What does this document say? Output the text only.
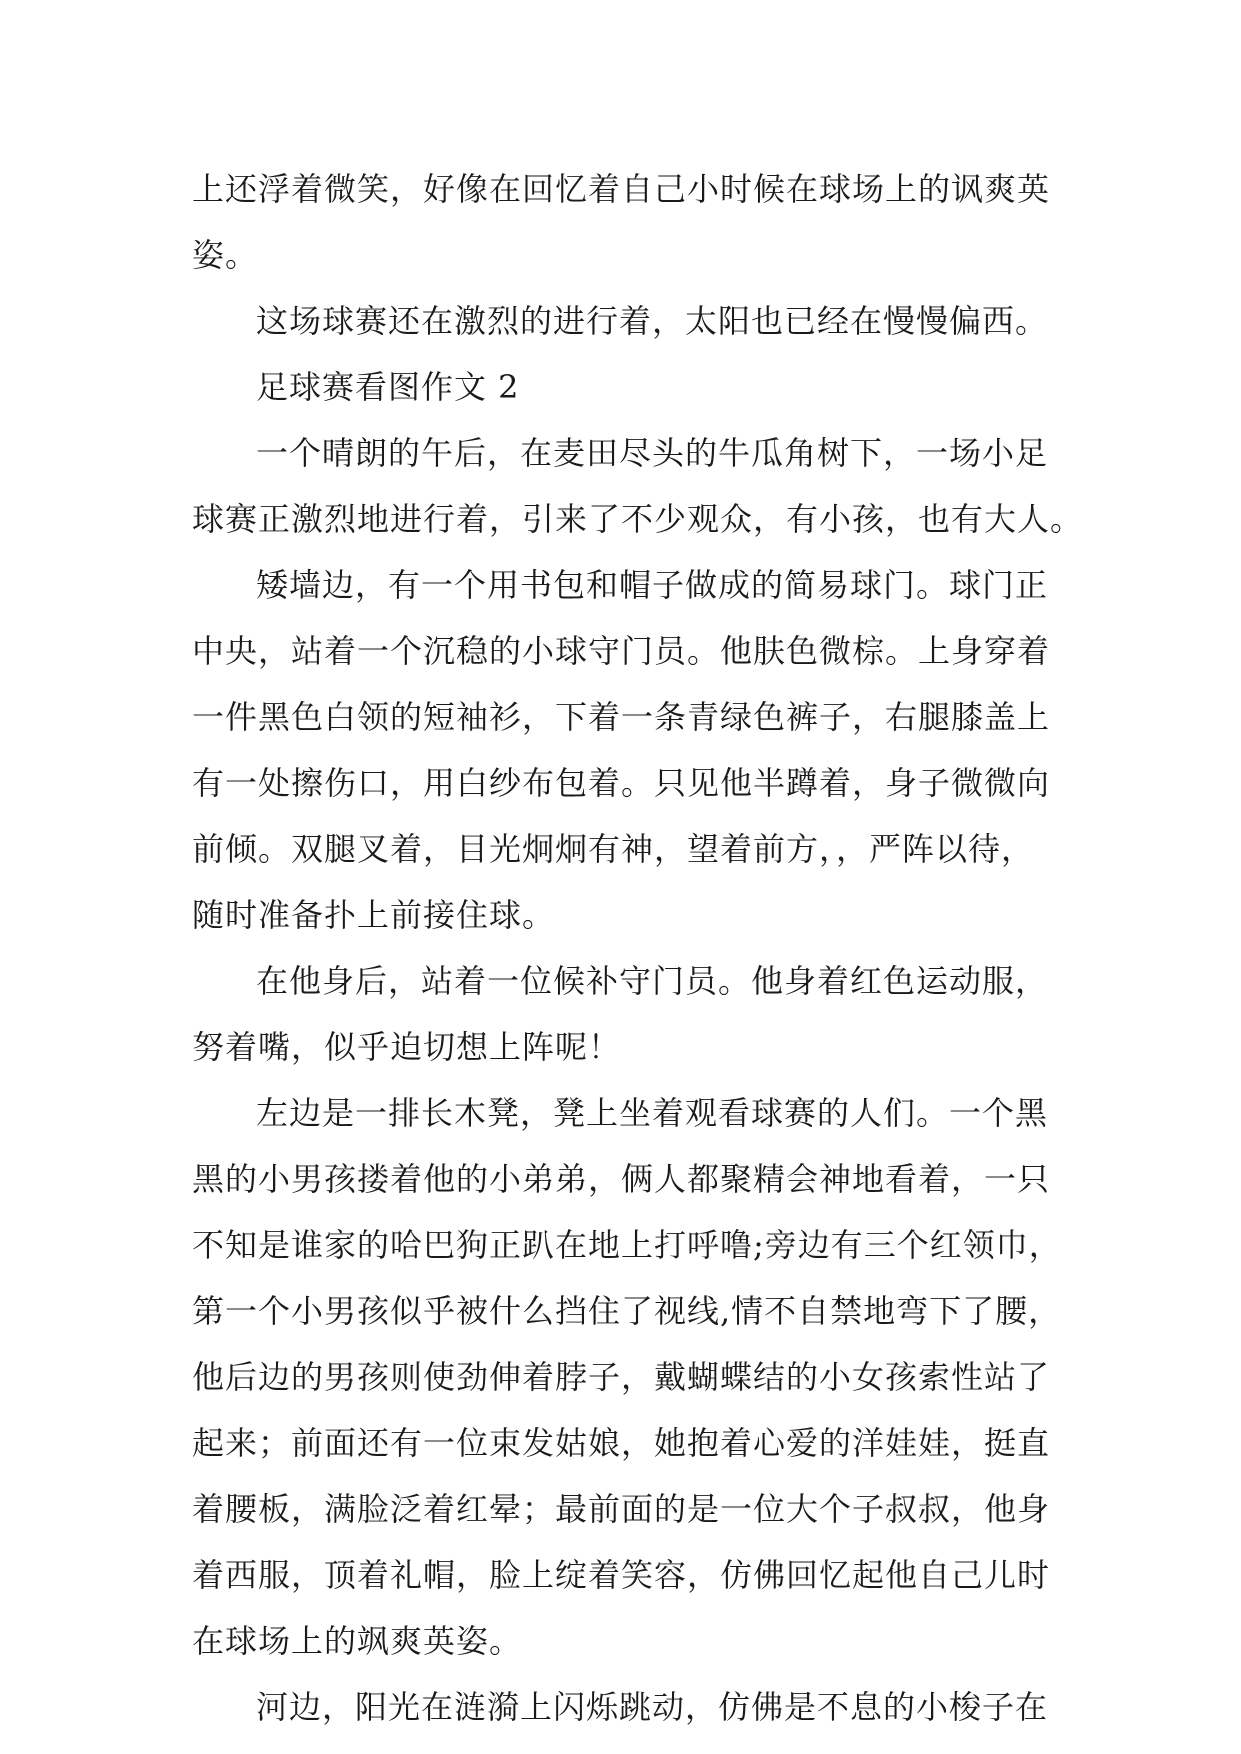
上还浮着微笑，好像在回忆着自己小时候在球场上的讽爽英
姿。

这场球赛还在激烈的进行着，太阳也已经在慢慢偏西。

足球赛看图作文 2

一个晴朗的午后，在麦田尽头的牛瓜角树下，一场小足
球赛正激烈地进行着，引来了不少观众，有小孩，也有大人。

矮墙边，有一个用书包和帽子做成的简易球门。球门正
中央，站着一个沉稳的小球守门员。他肤色微棕。上身穿着
一件黑色白领的短袖衫，下着一条青绿色裤子，右腿膝盖上
有一处擦伤口，用白纱布包着。只见他半蹲着，身子微微向
前倾。双腿叉着，目光炯炯有神，望着前方，，严阵以待，
随时准备扑上前接住球。

在他身后，站着一位候补守门员。他身着红色运动服，
努着嘴，似乎迫切想上阵呢！

左边是一排长木凳，凳上坐着观看球赛的人们。一个黑
黑的小男孩搂着他的小弟弟，俩人都聚精会神地看着，一只
不知是谁家的哈巴狗正趴在地上打呼噜;旁边有三个红领巾，
第一个小男孩似乎被什么挡住了视线,情不自禁地弯下了腰，
他后边的男孩则使劲伸着脖子，戴蝴蝶结的小女孩索性站了
起来；前面还有一位束发姑娘，她抱着心爱的洋娃娃，挺直
着腰板，满脸泛着红晕；最前面的是一位大个子叔叔，他身
着西服，顶着礼帽，脸上绽着笑容，仿佛回忆起他自己儿时
在球场上的飒爽英姿。

河边，阳光在涟漪上闪烁跳动，仿佛是不息的小梭子在
